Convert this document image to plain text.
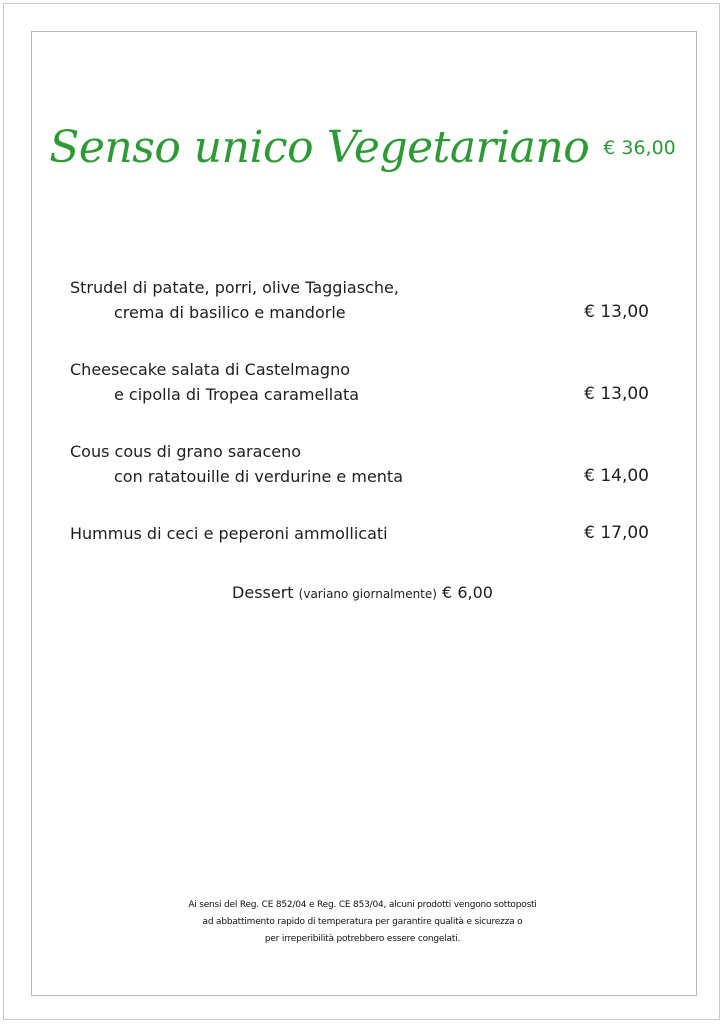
Senso unico Vegetariano € 36,00
Strudel di patate, porri, olive Taggiasche,
crema di basilico e mandorle	€ 13,00
Cheesecake salata di Castelmagno
e cipolla di Tropea caramellata	€ 13,00
Cous cous di grano saraceno
con ratatouille di verdurine e menta	€ 14,00
Hummus di ceci e peperoni ammollicati	€ 17,00
Dessert (variano giornalmente) € 6,00
Ai sensi del Reg. CE 852/04 e Reg. CE 853/04, alcuni prodotti vengono sottoposti
ad abbattimento rapido di temperatura per garantire qualità e sicurezza o
per irreperibilità potrebbero essere congelati.
